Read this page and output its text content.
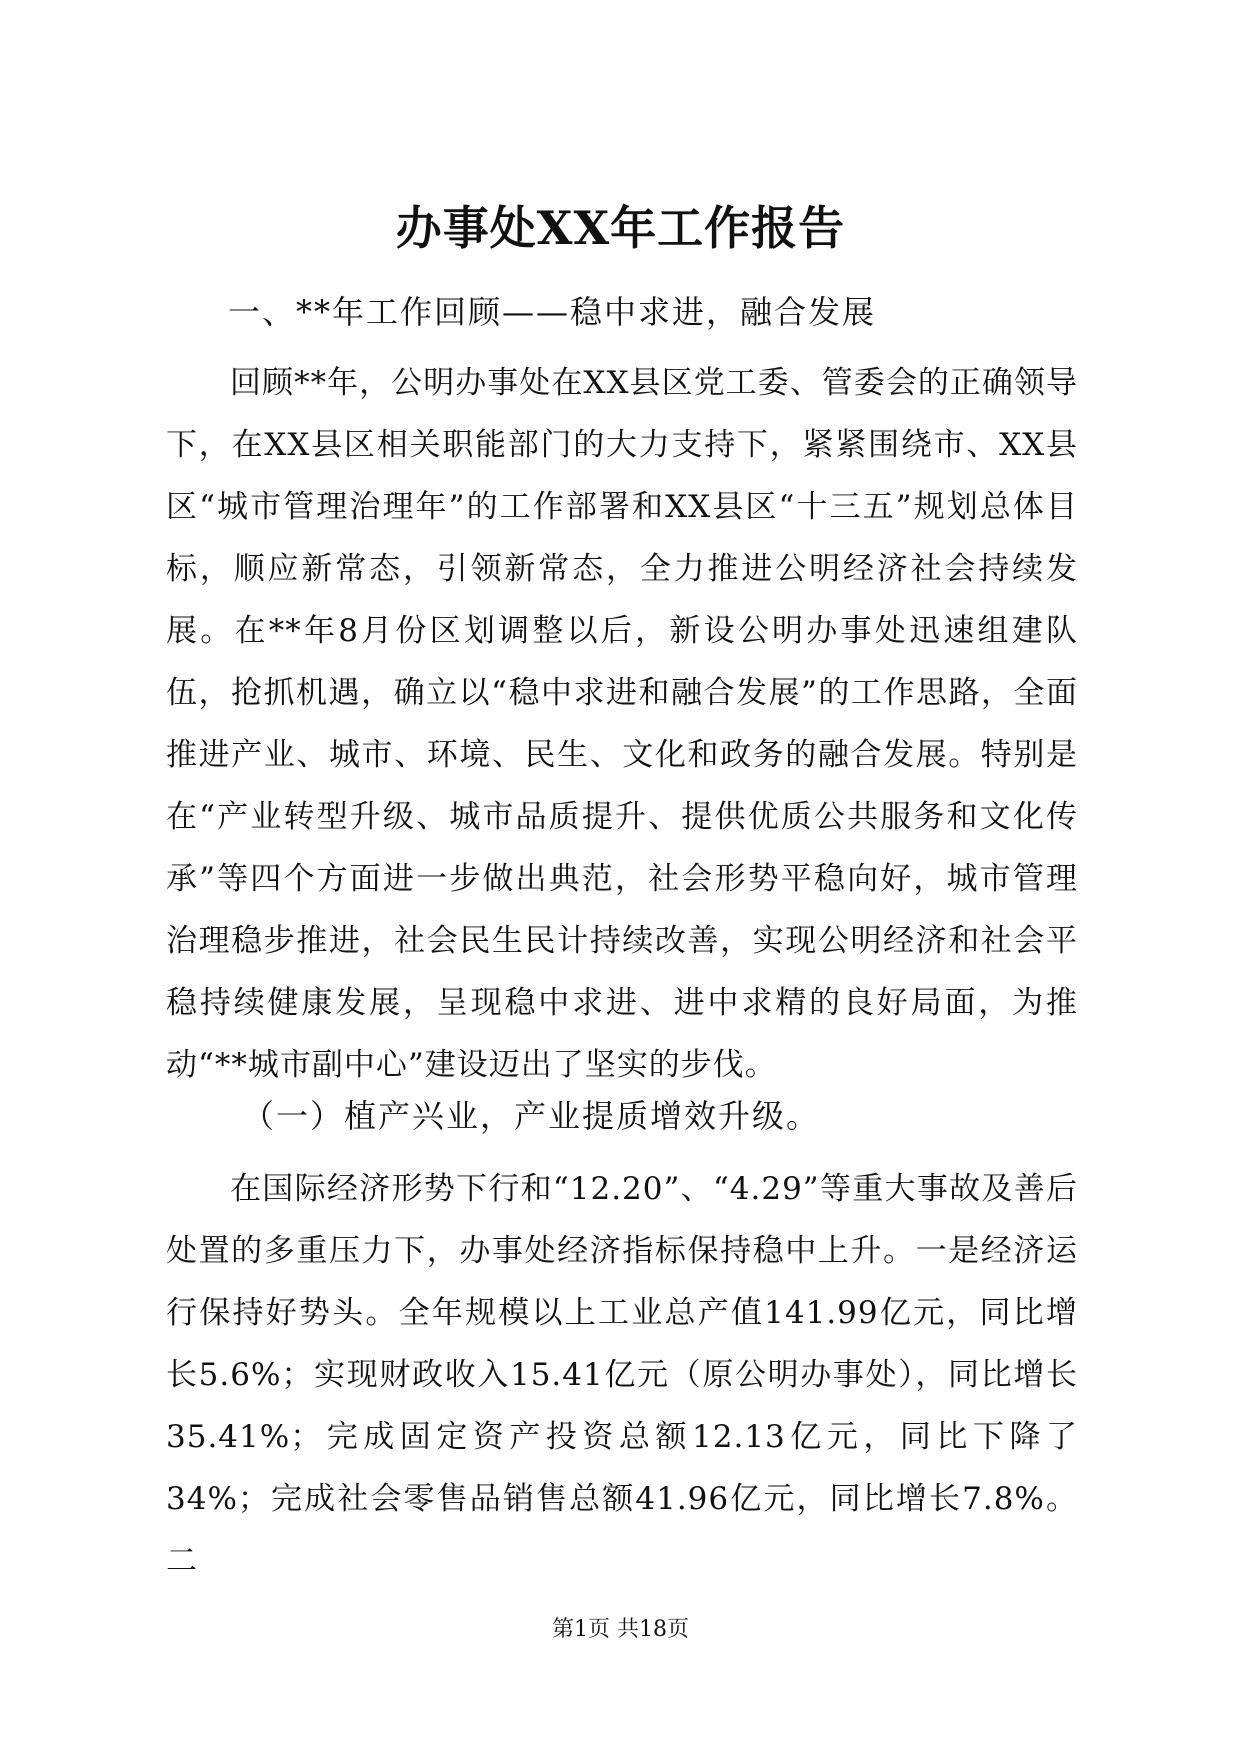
办事处XX年工作报告
一、**年工作回顾——稳中求进，融合发展
回顾**年，公明办事处在XX县区党工委、管委会的正确领导下，在XX县区相关职能部门的大力支持下，紧紧围绕市、XX县区“城市管理治理年”的工作部署和XX县区“十三五”规划总体目标，顺应新常态，引领新常态，全力推进公明经济社会持续发展。在**年8月份区划调整以后，新设公明办事处迅速组建队伍，抢抓机遇，确立以“稳中求进和融合发展”的工作思路，全面推进产业、城市、环境、民生、文化和政务的融合发展。特别是在“产业转型升级、城市品质提升、提供优质公共服务和文化传承”等四个方面进一步做出典范，社会形势平稳向好，城市管理治理稳步推进，社会民生民计持续改善，实现公明经济和社会平稳持续健康发展，呈现稳中求进、进中求精的良好局面，为推动“**城市副中心”建设迈出了坚实的步伐。
（一）植产兴业，产业提质增效升级。
在国际经济形势下行和“12.20”、“4.29”等重大事故及善后处置的多重压力下，办事处经济指标保持稳中上升。一是经济运行保持好势头。全年规模以上工业总产值141.99亿元，同比增长5.6%；实现财政收入15.41亿元（原公明办事处），同比增长35.41%；完成固定资产投资总额12.13亿元，同比下降了34%；完成社会零售品销售总额41.96亿元，同比增长7.8%。二
第1页 共18页
